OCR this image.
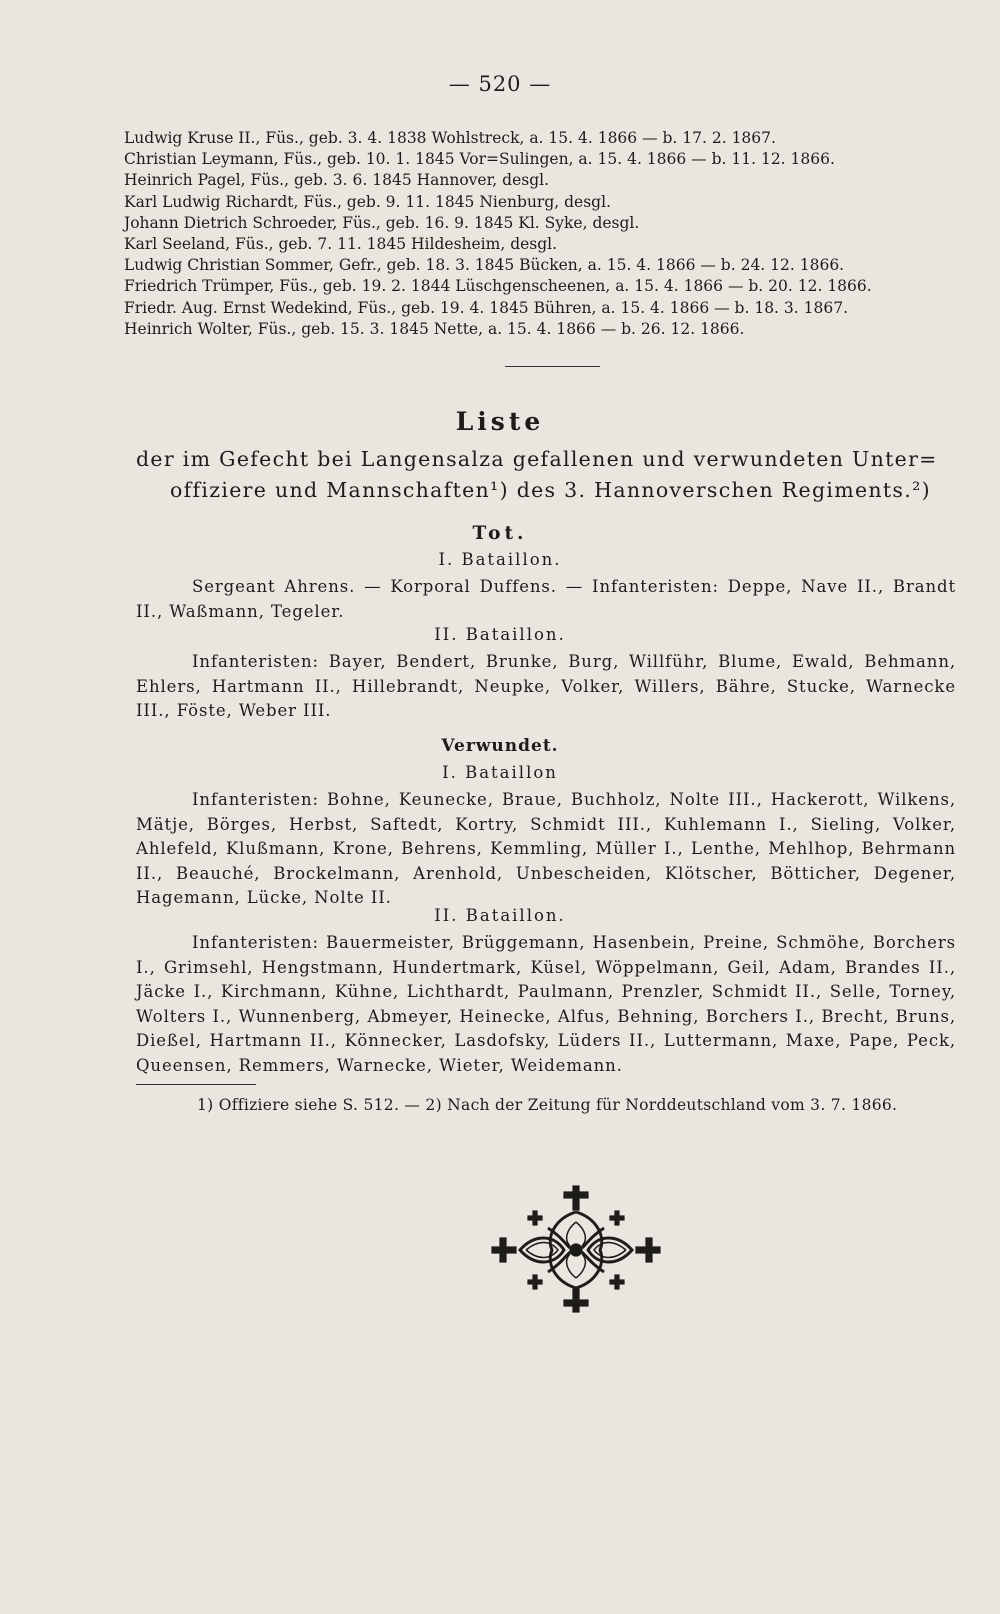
— 520 —
Ludwig Kruse II., Füs., geb. 3. 4. 1838 Wohlstreck, a. 15. 4. 1866 — b. 17. 2. 1867.
Christian Leymann, Füs., geb. 10. 1. 1845 Vor=Sulingen, a. 15. 4. 1866 — b. 11. 12. 1866.
Heinrich Pagel, Füs., geb. 3. 6. 1845 Hannover, desgl.
Karl Ludwig Richardt, Füs., geb. 9. 11. 1845 Nienburg, desgl.
Johann Dietrich Schroeder, Füs., geb. 16. 9. 1845 Kl. Syke, desgl.
Karl Seeland, Füs., geb. 7. 11. 1845 Hildesheim, desgl.
Ludwig Christian Sommer, Gefr., geb. 18. 3. 1845 Bücken, a. 15. 4. 1866 — b. 24. 12. 1866.
Friedrich Trümper, Füs., geb. 19. 2. 1844 Lüschgenscheenen, a. 15. 4. 1866 — b. 20. 12. 1866.
Friedr. Aug. Ernst Wedekind, Füs., geb. 19. 4. 1845 Bühren, a. 15. 4. 1866 — b. 18. 3. 1867.
Heinrich Wolter, Füs., geb. 15. 3. 1845 Nette, a. 15. 4. 1866 — b. 26. 12. 1866.
Liste
der im Gefecht bei Langensalza gefallenen und verwundeten Unter=
offiziere und Mannschaften¹) des 3. Hannoverschen Regiments.²)
Tot.
I. Bataillon.
Sergeant Ahrens. — Korporal Duffens. — Infanteristen: Deppe, Nave II., Brandt II., Waßmann, Tegeler.
II. Bataillon.
Infanteristen: Bayer, Bendert, Brunke, Burg, Willführ, Blume, Ewald, Behmann, Ehlers, Hartmann II., Hillebrandt, Neupke, Volker, Willers, Bähre, Stucke, Warnecke III., Föste, Weber III.
Verwundet.
I. Bataillon
Infanteristen: Bohne, Keunecke, Braue, Buchholz, Nolte III., Hackerott, Wilkens, Mätje, Börges, Herbst, Saftedt, Kortry, Schmidt III., Kuhlemann I., Sieling, Volker, Ahlefeld, Klußmann, Krone, Behrens, Kemmling, Müller I., Lenthe, Mehlhop, Behrmann II., Beauché, Brockelmann, Arenhold, Unbescheiden, Klötscher, Bötticher, Degener, Hagemann, Lücke, Nolte II.
II. Bataillon.
Infanteristen: Bauermeister, Brüggemann, Hasenbein, Preine, Schmöhe, Borchers I., Grimsehl, Hengstmann, Hundertmark, Küsel, Wöppelmann, Geil, Adam, Brandes II., Jäcke I., Kirchmann, Kühne, Lichthardt, Paulmann, Prenzler, Schmidt II., Selle, Torney, Wolters I., Wunnenberg, Abmeyer, Heinecke, Alfus, Behning, Borchers I., Brecht, Bruns, Dießel, Hartmann II., Könnecker, Lasdofsky, Lüders II., Luttermann, Maxe, Pape, Peck, Queensen, Remmers, Warnecke, Wieter, Weidemann.
1) Offiziere siehe S. 512. — 2) Nach der Zeitung für Norddeutschland vom 3. 7. 1866.
